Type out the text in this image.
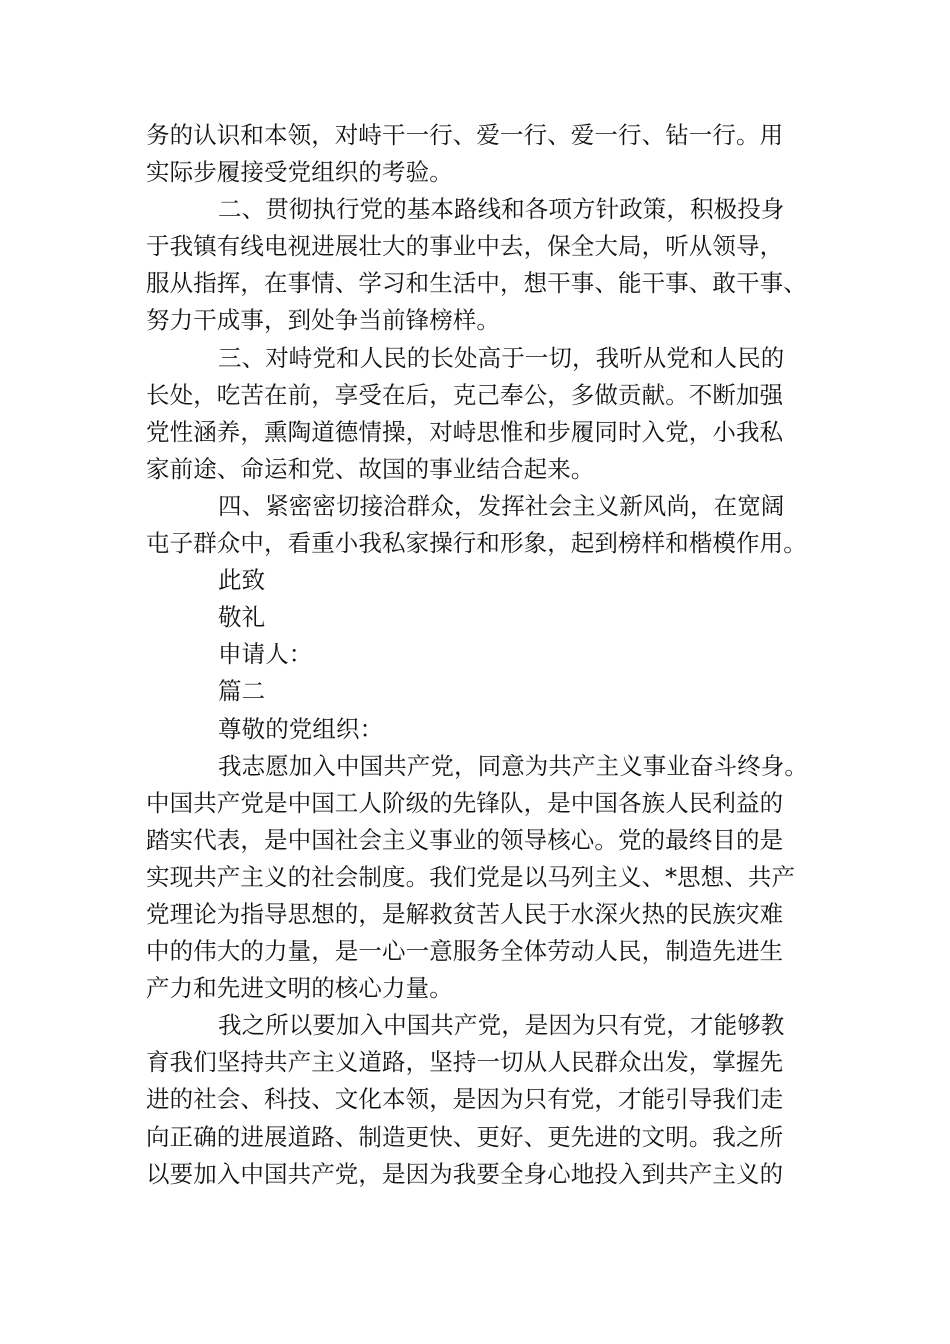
务的认识和本领，对峙干一行、爱一行、爱一行、钻一行。用
实际步履接受党组织的考验。
二、贯彻执行党的基本路线和各项方针政策，积极投身
于我镇有线电视进展壮大的事业中去，保全大局，听从领导，
服从指挥，在事情、学习和生活中，想干事、能干事、敢干事、
努力干成事，到处争当前锋榜样。
三、对峙党和人民的长处高于一切，我听从党和人民的
长处，吃苦在前，享受在后，克己奉公，多做贡献。不断加强
党性涵养，熏陶道德情操，对峙思惟和步履同时入党，小我私
家前途、命运和党、故国的事业结合起来。
四、紧密密切接洽群众，发挥社会主义新风尚，在宽阔
屯子群众中，看重小我私家操行和形象，起到榜样和楷模作用。
此致
敬礼
申请人：
篇二
尊敬的党组织：
我志愿加入中国共产党，同意为共产主义事业奋斗终身。
中国共产党是中国工人阶级的先锋队，是中国各族人民利益的
踏实代表，是中国社会主义事业的领导核心。党的最终目的是
实现共产主义的社会制度。我们党是以马列主义、*思想、共产
党理论为指导思想的，是解救贫苦人民于水深火热的民族灾难
中的伟大的力量，是一心一意服务全体劳动人民，制造先进生
产力和先进文明的核心力量。
我之所以要加入中国共产党，是因为只有党，才能够教
育我们坚持共产主义道路，坚持一切从人民群众出发，掌握先
进的社会、科技、文化本领，是因为只有党，才能引导我们走
向正确的进展道路、制造更快、更好、更先进的文明。我之所
以要加入中国共产党，是因为我要全身心地投入到共产主义的
